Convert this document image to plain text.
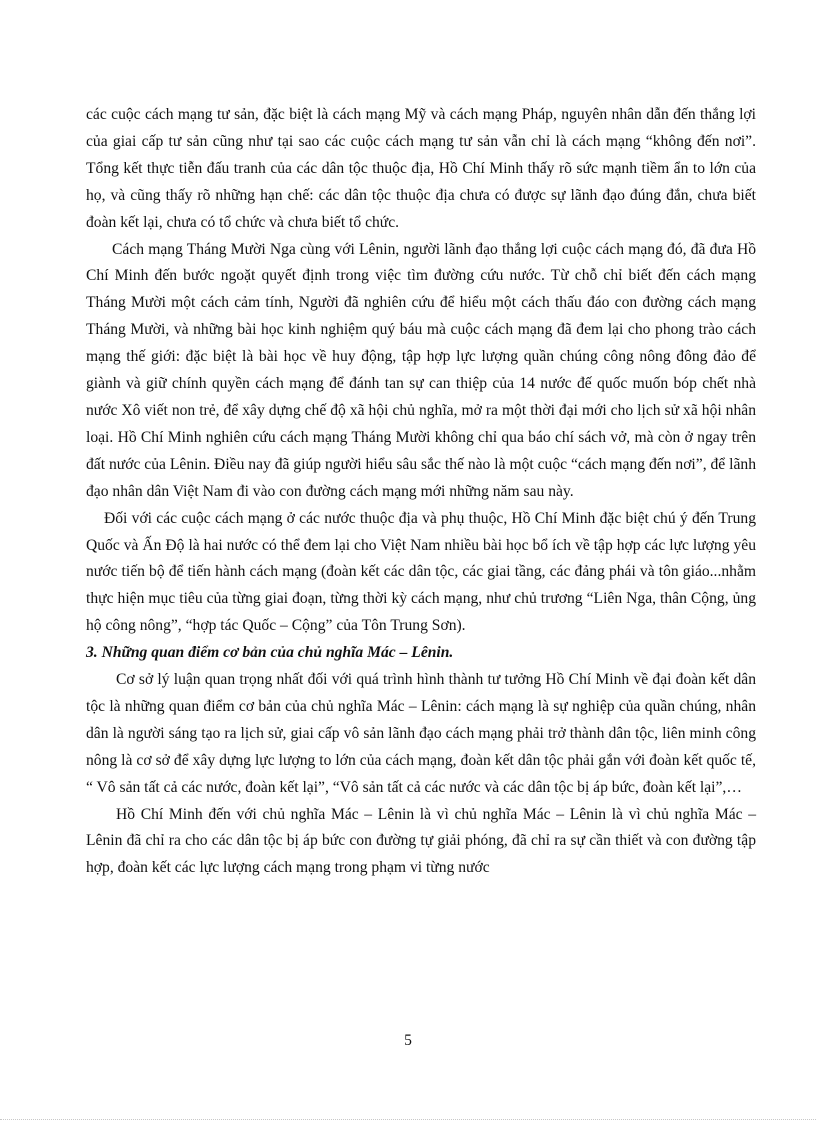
các cuộc cách mạng tư sản, đặc biệt là cách mạng Mỹ và cách mạng Pháp, nguyên nhân dẫn đến thắng lợi của giai cấp tư sản cũng như tại sao các cuộc cách mạng tư sản vẫn chỉ là cách mạng “không đến nơi”. Tổng kết thực tiễn đấu tranh của các dân tộc thuộc địa, Hồ Chí Minh thấy rõ sức mạnh tiềm ẩn to lớn của họ, và cũng thấy rõ những hạn chế: các dân tộc thuộc địa chưa có được sự lãnh đạo đúng đắn, chưa biết đoàn kết lại, chưa có tổ chức và chưa biết tổ chức.

Cách mạng Tháng Mười Nga cùng với Lênin, người lãnh đạo thắng lợi cuộc cách mạng đó, đã đưa Hồ Chí Minh đến bước ngoặt quyết định trong việc tìm đường cứu nước. Từ chỗ chỉ biết đến cách mạng Tháng Mười một cách cảm tính, Người đã nghiên cứu để hiểu một cách thấu đáo con đường cách mạng Tháng Mười, và những bài học kinh nghiệm quý báu mà cuộc cách mạng đã đem lại cho phong trào cách mạng thế giới: đặc biệt là bài học về huy động, tập hợp lực lượng quần chúng công nông đông đảo để giành và giữ chính quyền cách mạng để đánh tan sự can thiệp của 14 nước đế quốc muốn bóp chết nhà nước Xô viết non trẻ, để xây dựng chế độ xã hội chủ nghĩa, mở ra một thời đại mới cho lịch sử xã hội nhân loại. Hồ Chí Minh nghiên cứu cách mạng Tháng Mười không chỉ qua báo chí sách vở, mà còn ở ngay trên đất nước của Lênin. Điều nay đã giúp người hiểu sâu sắc thế nào là một cuộc “cách mạng đến nơi”, để lãnh đạo nhân dân Việt Nam đi vào con đường cách mạng mới những năm sau này.

Đối với các cuộc cách mạng ở các nước thuộc địa và phụ thuộc, Hồ Chí Minh đặc biệt chú ý đến Trung Quốc và Ấn Độ là hai nước có thể đem lại cho Việt Nam nhiều bài học bổ ích về tập hợp các lực lượng yêu nước tiến bộ để tiến hành cách mạng (đoàn kết các dân tộc, các giai tầng, các đảng phái và tôn giáo...nhằm thực hiện mục tiêu của từng giai đoạn, từng thời kỳ cách mạng, như chủ trương “Liên Nga, thân Cộng, ủng hộ công nông”, “hợp tác Quốc – Cộng” của Tôn Trung Sơn).

3. Những quan điểm cơ bản của chủ nghĩa Mác – Lênin.

Cơ sở lý luận quan trọng nhất đối với quá trình hình thành tư tưởng Hồ Chí Minh về đại đoàn kết dân tộc là những quan điểm cơ bản của chủ nghĩa Mác – Lênin: cách mạng là sự nghiệp của quần chúng, nhân dân là người sáng tạo ra lịch sử, giai cấp vô sản lãnh đạo cách mạng phải trở thành dân tộc, liên minh công nông là cơ sở để xây dựng lực lượng to lớn của cách mạng, đoàn kết dân tộc phải gắn với đoàn kết quốc tế, “ Vô sản tất cả các nước, đoàn kết lại”, “Vô sản tất cả các nước và các dân tộc bị áp bức, đoàn kết lại”,…

Hồ Chí Minh đến với chủ nghĩa Mác – Lênin là vì chủ nghĩa Mác – Lênin là vì chủ nghĩa Mác – Lênin đã chỉ ra cho các dân tộc bị áp bức con đường tự giải phóng, đã chỉ ra sự cần thiết và con đường tập hợp, đoàn kết các lực lượng cách mạng trong phạm vi từng nước

5
